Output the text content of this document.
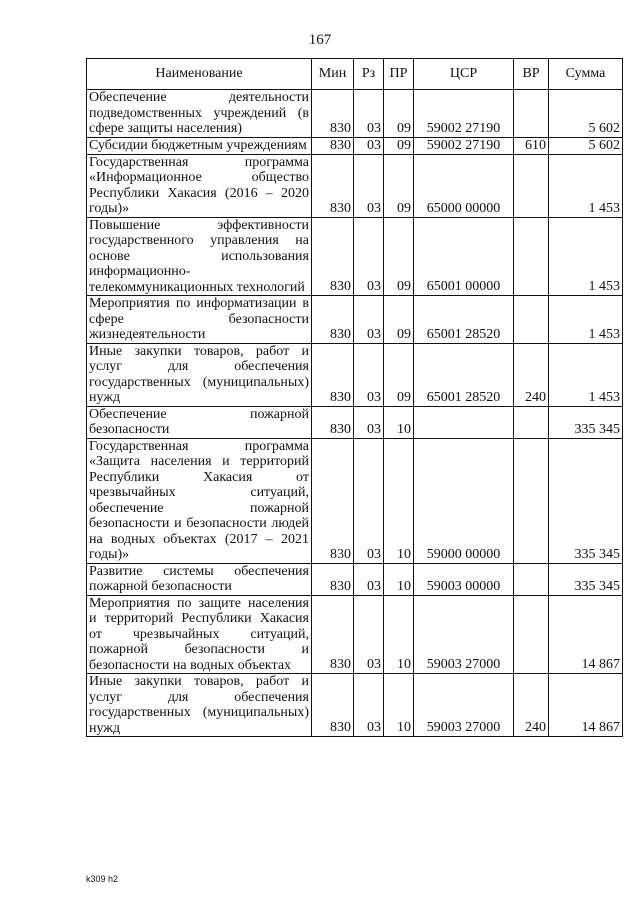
167
Наименование	Мин	Рз	ПР	ЦСР	ВР	Сумма
Обеспечение деятельности подведомственных учреждений (в сфере защиты населения)	830	03	09	59002 27190		5 602
Субсидии бюджетным учреждениям	830	03	09	59002 27190	610	5 602
Государственная программа «Информационное общество Республики Хакасия (2016 – 2020 годы)»	830	03	09	65000 00000		1 453
Повышение эффективности государственного управления на основе использования информационно-телекоммуникационных технологий	830	03	09	65001 00000		1 453
Мероприятия по информатизации в сфере безопасности жизнедеятельности	830	03	09	65001 28520		1 453
Иные закупки товаров, работ и услуг для обеспечения государственных (муниципальных) нужд	830	03	09	65001 28520	240	1 453
Обеспечение пожарной безопасности	830	03	10			335 345
Государственная программа «Защита населения и территорий Республики Хакасия от чрезвычайных ситуаций, обеспечение пожарной безопасности и безопасности людей на водных объектах (2017 – 2021 годы)»	830	03	10	59000 00000		335 345
Развитие системы обеспечения пожарной безопасности	830	03	10	59003 00000		335 345
Мероприятия по защите населения и территорий Республики Хакасия от чрезвычайных ситуаций, пожарной безопасности и безопасности на водных объектах	830	03	10	59003 27000		14 867
Иные закупки товаров, работ и услуг для обеспечения государственных (муниципальных) нужд	830	03	10	59003 27000	240	14 867
k309 h2
